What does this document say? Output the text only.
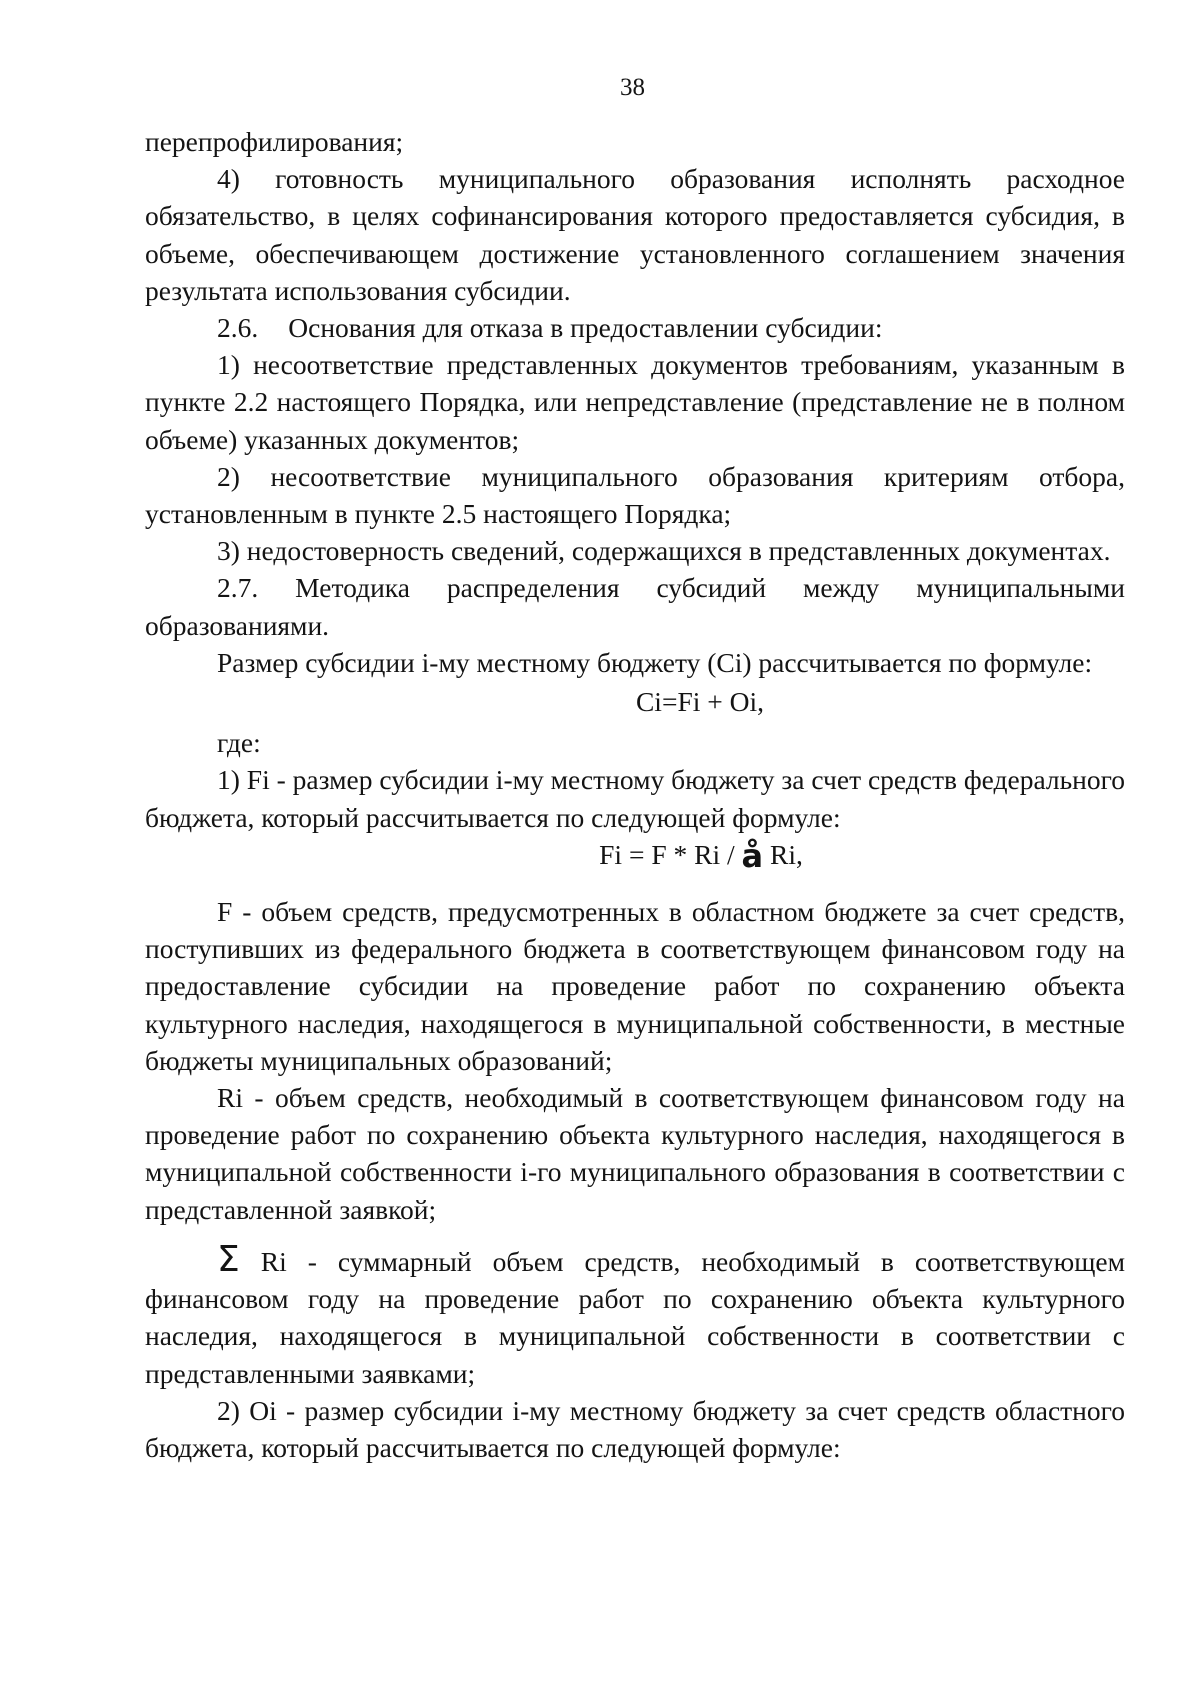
38

перепрофилирования;

4) готовность муниципального образования исполнять расходное обязательство, в целях софинансирования которого предоставляется субсидия, в объеме, обеспечивающем достижение установленного соглашением значения результата использования субсидии.

2.6. Основания для отказа в предоставлении субсидии:

1) несоответствие представленных документов требованиям, указанным в пункте 2.2 настоящего Порядка, или непредставление (представление не в полном объеме) указанных документов;

2) несоответствие муниципального образования критериям отбора, установленным в пункте 2.5 настоящего Порядка;

3) недостоверность сведений, содержащихся в представленных документах.

2.7. Методика распределения субсидий между муниципальными образованиями.

Размер субсидии i-му местному бюджету (Ci) рассчитывается по формуле:

Ci=Fi + Oi,

где:

1) Fi - размер субсидии i-му местному бюджету за счет средств федерального бюджета, который рассчитывается по следующей формуле:

Fi = F * Ri / å Ri,

F - объем средств, предусмотренных в областном бюджете за счет средств, поступивших из федерального бюджета в соответствующем финансовом году на предоставление субсидии на проведение работ по сохранению объекта культурного наследия, находящегося в муниципальной собственности, в местные бюджеты муниципальных образований;

Ri - объем средств, необходимый в соответствующем финансовом году на проведение работ по сохранению объекта культурного наследия, находящегося в муниципальной собственности i-го муниципального образования в соответствии с представленной заявкой;

Σ Ri - суммарный объем средств, необходимый в соответствующем финансовом году на проведение работ по сохранению объекта культурного наследия, находящегося в муниципальной собственности в соответствии с представленными заявками;

2) Oi - размер субсидии i-му местному бюджету за счет средств областного бюджета, который рассчитывается по следующей формуле:
